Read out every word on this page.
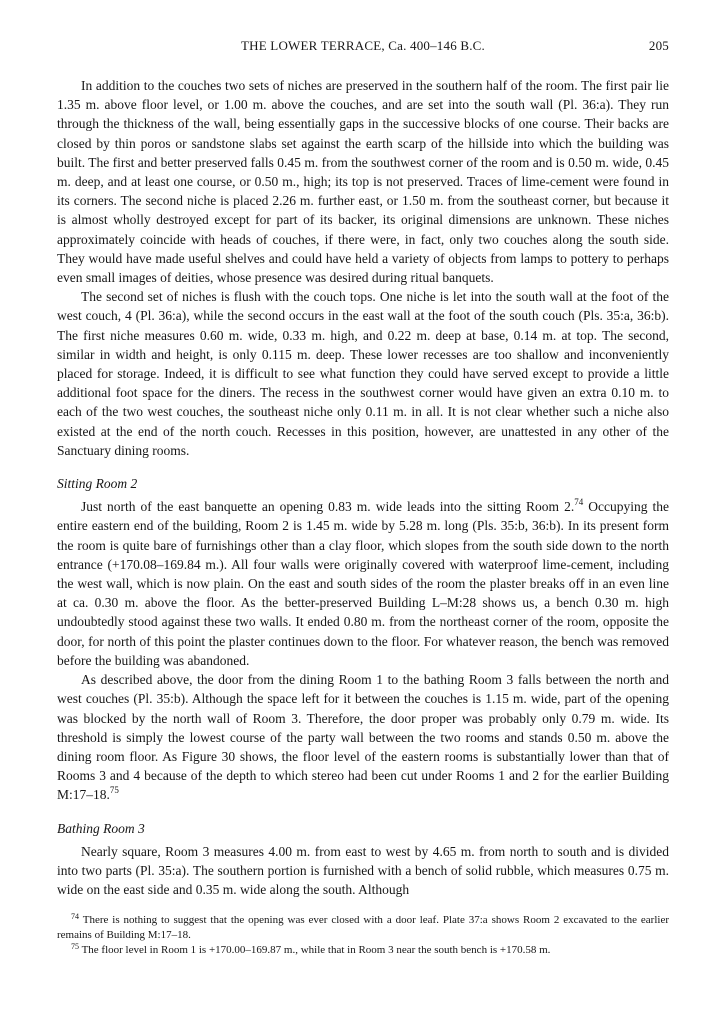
THE LOWER TERRACE, Ca. 400–146 B.C.	205

In addition to the couches two sets of niches are preserved in the southern half of the room. The first pair lie 1.35 m. above floor level, or 1.00 m. above the couches, and are set into the south wall (Pl. 36:a). They run through the thickness of the wall, being essentially gaps in the successive blocks of one course. Their backs are closed by thin poros or sandstone slabs set against the earth scarp of the hillside into which the building was built. The first and better preserved falls 0.45 m. from the southwest corner of the room and is 0.50 m. wide, 0.45 m. deep, and at least one course, or 0.50 m., high; its top is not preserved. Traces of lime-cement were found in its corners. The second niche is placed 2.26 m. further east, or 1.50 m. from the southeast corner, but because it is almost wholly destroyed except for part of its backer, its original dimensions are unknown. These niches approximately coincide with heads of couches, if there were, in fact, only two couches along the south side. They would have made useful shelves and could have held a variety of objects from lamps to pottery to perhaps even small images of deities, whose presence was desired during ritual banquets.

The second set of niches is flush with the couch tops. One niche is let into the south wall at the foot of the west couch, 4 (Pl. 36:a), while the second occurs in the east wall at the foot of the south couch (Pls. 35:a, 36:b). The first niche measures 0.60 m. wide, 0.33 m. high, and 0.22 m. deep at base, 0.14 m. at top. The second, similar in width and height, is only 0.115 m. deep. These lower recesses are too shallow and inconveniently placed for storage. Indeed, it is difficult to see what function they could have served except to provide a little additional foot space for the diners. The recess in the southwest corner would have given an extra 0.10 m. to each of the two west couches, the southeast niche only 0.11 m. in all. It is not clear whether such a niche also existed at the end of the north couch. Recesses in this position, however, are unattested in any other of the Sanctuary dining rooms.

Sitting Room 2

Just north of the east banquette an opening 0.83 m. wide leads into the sitting Room 2.74 Occupying the entire eastern end of the building, Room 2 is 1.45 m. wide by 5.28 m. long (Pls. 35:b, 36:b). In its present form the room is quite bare of furnishings other than a clay floor, which slopes from the south side down to the north entrance (+170.08–169.84 m.). All four walls were originally covered with waterproof lime-cement, including the west wall, which is now plain. On the east and south sides of the room the plaster breaks off in an even line at ca. 0.30 m. above the floor. As the better-preserved Building L–M:28 shows us, a bench 0.30 m. high undoubtedly stood against these two walls. It ended 0.80 m. from the northeast corner of the room, opposite the door, for north of this point the plaster continues down to the floor. For whatever reason, the bench was removed before the building was abandoned.

As described above, the door from the dining Room 1 to the bathing Room 3 falls between the north and west couches (Pl. 35:b). Although the space left for it between the couches is 1.15 m. wide, part of the opening was blocked by the north wall of Room 3. Therefore, the door proper was probably only 0.79 m. wide. Its threshold is simply the lowest course of the party wall between the two rooms and stands 0.50 m. above the dining room floor. As Figure 30 shows, the floor level of the eastern rooms is substantially lower than that of Rooms 3 and 4 because of the depth to which stereo had been cut under Rooms 1 and 2 for the earlier Building M:17–18.75

Bathing Room 3

Nearly square, Room 3 measures 4.00 m. from east to west by 4.65 m. from north to south and is divided into two parts (Pl. 35:a). The southern portion is furnished with a bench of solid rubble, which measures 0.75 m. wide on the east side and 0.35 m. wide along the south. Although

$^{74}$ There is nothing to suggest that the opening was ever closed with a door leaf. Plate 37:a shows Room 2 excavated to the earlier remains of Building M:17–18.

$^{75}$ The floor level in Room 1 is +170.00–169.87 m., while that in Room 3 near the south bench is +170.58 m.
